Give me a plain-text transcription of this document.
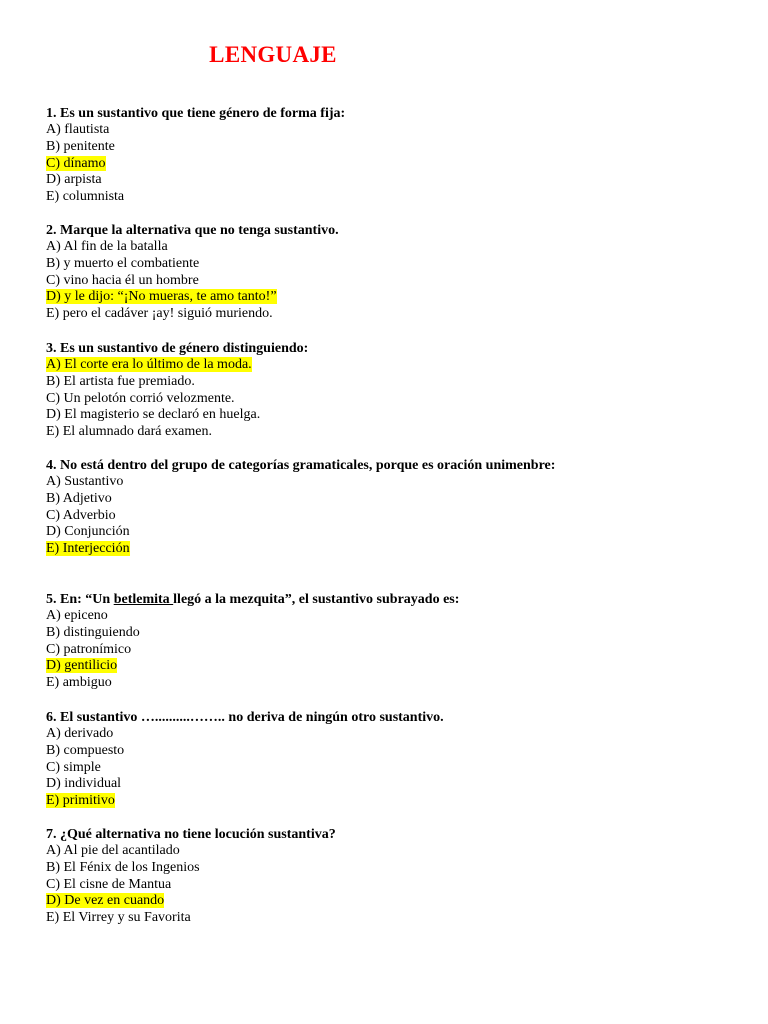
LENGUAJE
1. Es un sustantivo que tiene género de forma fija:
A) flautista
B) penitente
C) dínamo
D) arpista
E) columnista
2. Marque la alternativa que no tenga sustantivo.
A) Al fin de la batalla
B) y muerto el combatiente
C) vino hacia él un hombre
D) y le dijo: “¡No mueras, te amo tanto!”
E) pero el cadáver ¡ay! siguió muriendo.
3. Es un sustantivo de género distinguiendo:
A) El corte era lo último de la moda.
B) El artista fue premiado.
C) Un pelotón corrió velozmente.
D) El magisterio se declaró en huelga.
E) El alumnado dará examen.
4. No está dentro del grupo de categorías gramaticales, porque es oración unimenbre:
A) Sustantivo
B) Adjetivo
C) Adverbio
D) Conjunción
E) Interjección
5. En: “Un betlemita llegó a la mezquita”, el sustantivo subrayado es:
A) epiceno
B) distinguiendo
C) patronímico
D) gentilicio
E) ambiguo
6. El sustantivo …..........…….. no deriva de ningún otro sustantivo.
A) derivado
B) compuesto
C) simple
D) individual
E) primitivo
7. ¿Qué alternativa no tiene locución sustantiva?
A) Al pie del acantilado
B) El Fénix de los Ingenios
C) El cisne de Mantua
D) De vez en cuando
E) El Virrey y su Favorita
